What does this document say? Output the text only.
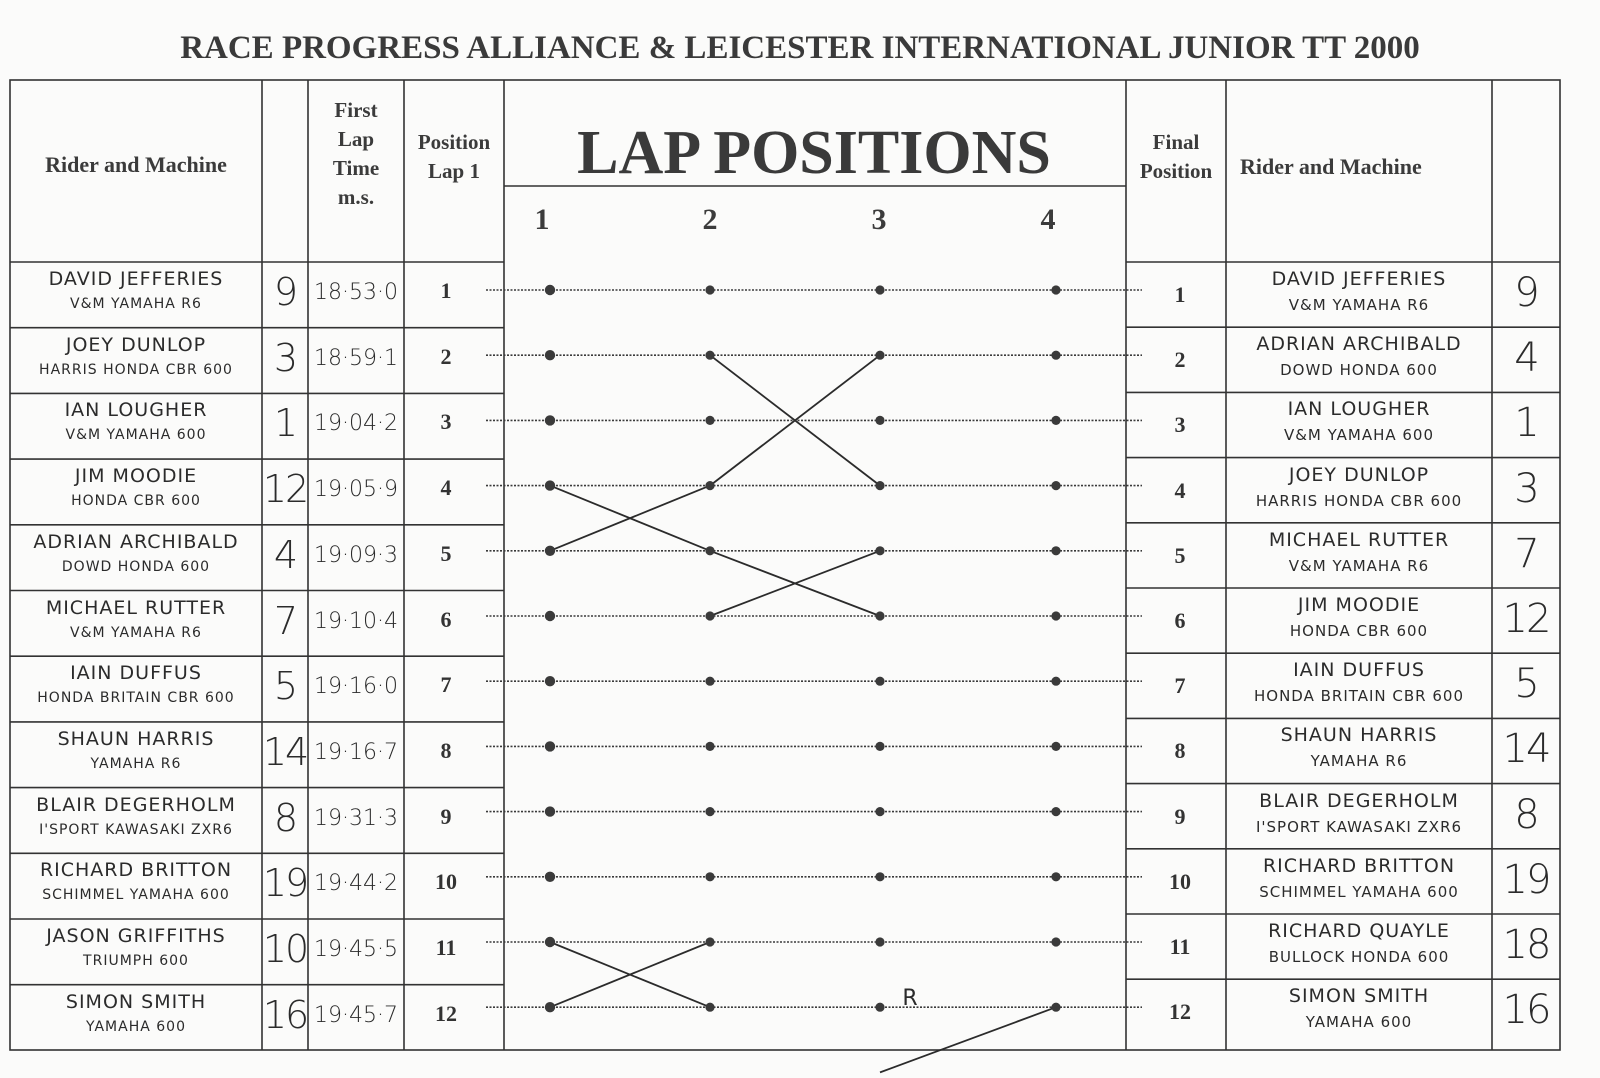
RACE PROGRESS ALLIANCE & LEICESTER INTERNATIONAL JUNIOR TT 2000
Rider and Machine
First
Lap
Time
m.s.
Position
Lap 1	LAP POSITIONS
1	2	3	4
Final
Position	Rider and Machine
DAVID JEFFERIES
V&M YAMAHA R6	9 18·53·0	1
JOEY DUNLOP
HARRIS HONDA CBR 600	3 18·59·1	2
IAN LOUGHER
V&M YAMAHA 600	1 19·04·2	3
JIM MOODIE
HONDA CBR 600	12 19·05·9	4
ADRIAN ARCHIBALD
DOWD HONDA 600	4 19·09·3	5
MICHAEL RUTTER
V&M YAMAHA R6	7 19·10·4	6
IAIN DUFFUS
HONDA BRITAIN CBR 600	5 19·16·0	7
SHAUN HARRIS
YAMAHA R6	14 19·16·7	8
BLAIR DEGERHOLM
I'SPORT KAWASAKI ZXR6	8 19·31·3	9
RICHARD BRITTON
SCHIMMEL YAMAHA 600 19 19·44·2	10
JASON GRIFFITHS
TRIUMPH 600	10 19·45·5	11
SIMON SMITH
YAMAHA 600	16 19·45·7	12
1
DAVID JEFFERIES
V&M YAMAHA R6	9
2
ADRIAN ARCHIBALD
DOWD HONDA 600	4
3
IAN LOUGHER
V&M YAMAHA 600	1
4
JOEY DUNLOP
HARRIS HONDA CBR 600	3
5
MICHAEL RUTTER
V&M YAMAHA R6	7
6
JIM MOODIE
HONDA CBR 600	12
7
IAIN DUFFUS
HONDA BRITAIN CBR 600	5
8
SHAUN HARRIS
YAMAHA R6	14
9
BLAIR DEGERHOLM
I'SPORT KAWASAKI ZXR6	8
10
RICHARD BRITTON
SCHIMMEL YAMAHA 600	19
11
RICHARD QUAYLE
BULLOCK HONDA 600	18
12
SIMON SMITH
YAMAHA 600	16
R
